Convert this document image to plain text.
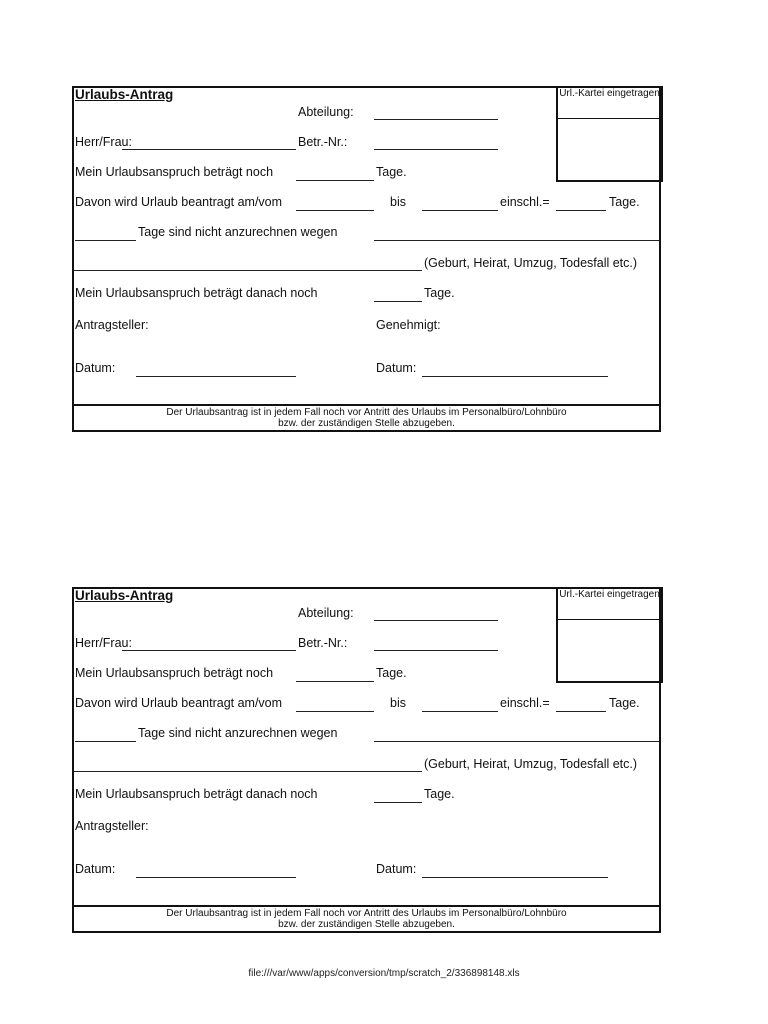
Urlaubs-Antrag
Abteilung:
Herr/Frau:	Betr.-Nr.:
Mein Urlaubsanspruch beträgt noch	Tage.
Davon wird Urlaub beantragt am/vom	bis	einschl.=	Tage.
Tage sind nicht anzurechnen wegen
(Geburt, Heirat, Umzug, Todesfall etc.)
Mein Urlaubsanspruch beträgt danach noch	Tage.
Antragsteller:	Genehmigt:
Datum:	Datum:
Url.-Kartei eingetragen
Der Urlaubsantrag ist in jedem Fall noch vor Antritt des Urlaubs im Personalbüro/Lohnbüro
bzw. der zuständigen Stelle abzugeben.
Urlaubs-Antrag
Abteilung:
Herr/Frau:	Betr.-Nr.:
Mein Urlaubsanspruch beträgt noch	Tage.
Davon wird Urlaub beantragt am/vom	bis	einschl.=	Tage.
Tage sind nicht anzurechnen wegen
(Geburt, Heirat, Umzug, Todesfall etc.)
Mein Urlaubsanspruch beträgt danach noch	Tage.
Antragsteller:
Datum:	Datum:
Url.-Kartei eingetragen
Der Urlaubsantrag ist in jedem Fall noch vor Antritt des Urlaubs im Personalbüro/Lohnbüro
bzw. der zuständigen Stelle abzugeben.
file:///var/www/apps/conversion/tmp/scratch_2/336898148.xls
